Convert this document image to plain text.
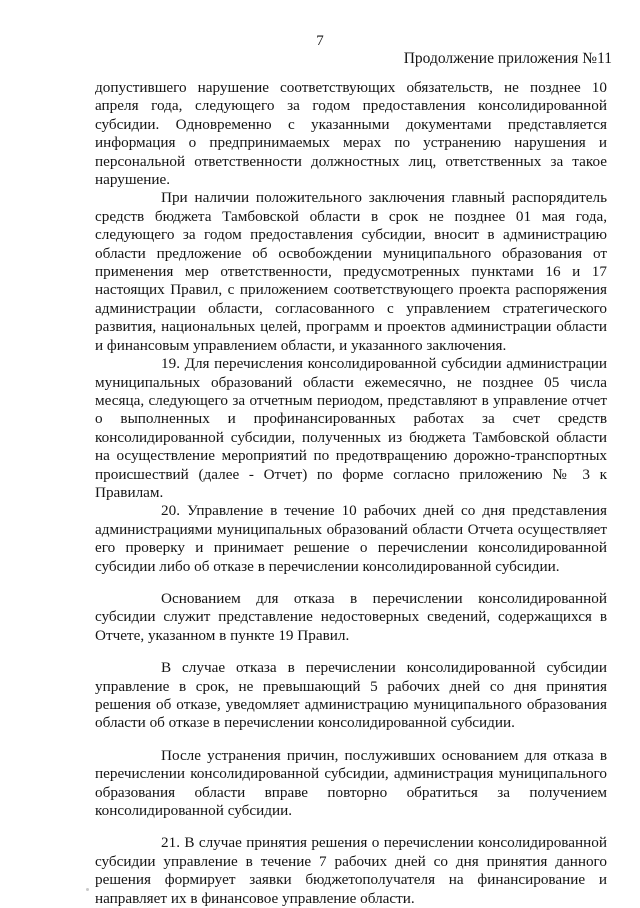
7
Продолжение приложения №11

допустившего нарушение соответствующих обязательств, не позднее 10 апреля года, следующего за годом предоставления консолидированной субсидии. Одновременно с указанными документами представляется информация о предпринимаемых мерах по устранению нарушения и персональной ответственности должностных лиц, ответственных за такое нарушение.

При наличии положительного заключения главный распорядитель средств бюджета Тамбовской области в срок не позднее 01 мая года, следующего за годом предоставления субсидии, вносит в администрацию области предложение об освобождении муниципального образования от применения мер ответственности, предусмотренных пунктами 16 и 17 настоящих Правил, с приложением соответствующего проекта распоряжения администрации области, согласованного с управлением стратегического развития, национальных целей, программ и проектов администрации области и финансовым управлением области, и указанного заключения.

19. Для перечисления консолидированной субсидии администрации муниципальных образований области ежемесячно, не позднее 05 числа месяца, следующего за отчетным периодом, представляют в управление отчет о выполненных и профинансированных работах за счет средств консолидированной субсидии, полученных из бюджета Тамбовской области на осуществление мероприятий по предотвращению дорожно-транспортных происшествий (далее - Отчет) по форме согласно приложению № 3 к Правилам.

20. Управление в течение 10 рабочих дней со дня представления администрациями муниципальных образований области Отчета осуществляет его проверку и принимает решение о перечислении консолидированной субсидии либо об отказе в перечислении консолидированной субсидии.

Основанием для отказа в перечислении консолидированной субсидии служит представление недостоверных сведений, содержащихся в Отчете, указанном в пункте 19 Правил.

В случае отказа в перечислении консолидированной субсидии управление в срок, не превышающий 5 рабочих дней со дня принятия решения об отказе, уведомляет администрацию муниципального образования области об отказе в перечислении консолидированной субсидии.

После устранения причин, послуживших основанием для отказа в перечислении консолидированной субсидии, администрация муниципального образования области вправе повторно обратиться за получением консолидированной субсидии.

21. В случае принятия решения о перечислении консолидированной субсидии управление в течение 7 рабочих дней со дня принятия данного решения формирует заявки бюджетополучателя на финансирование и направляет их в финансовое управление области.
